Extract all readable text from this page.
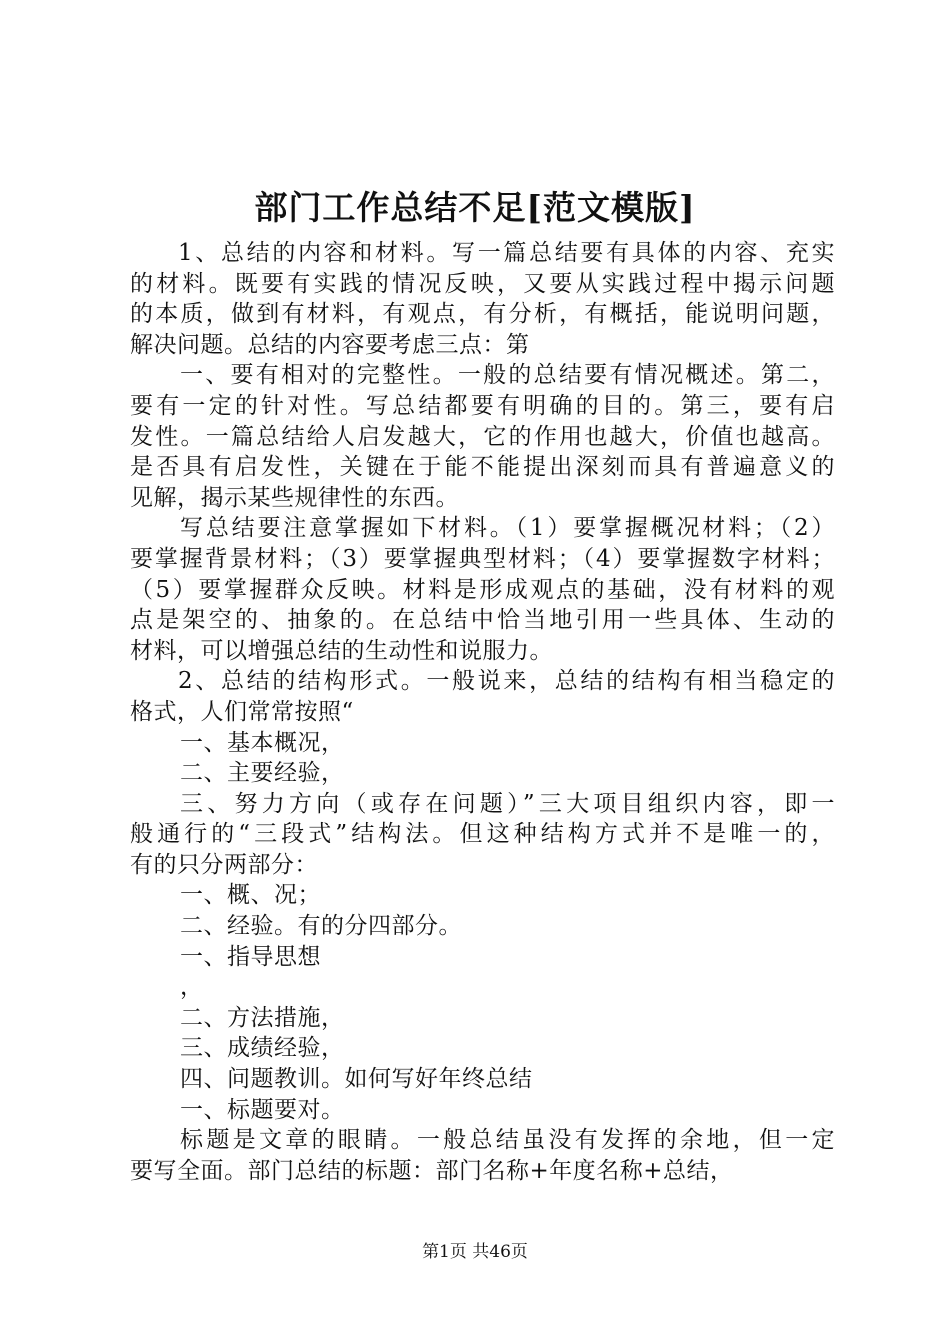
部门工作总结不足[范文模版]
1、总结的内容和材料。写一篇总结要有具体的内容、充实
的材料。既要有实践的情况反映，又要从实践过程中揭示问题
的本质，做到有材料，有观点，有分析，有概括，能说明问题，
解决问题。总结的内容要考虑三点：第
一、要有相对的完整性。一般的总结要有情况概述。第二，
要有一定的针对性。写总结都要有明确的目的。第三，要有启
发性。一篇总结给人启发越大，它的作用也越大，价值也越高。
是否具有启发性，关键在于能不能提出深刻而具有普遍意义的
见解，揭示某些规律性的东西。
写总结要注意掌握如下材料。（1）要掌握概况材料；（2）
要掌握背景材料；（3）要掌握典型材料；（4）要掌握数字材料；
（5）要掌握群众反映。材料是形成观点的基础，没有材料的观
点是架空的、抽象的。在总结中恰当地引用一些具体、生动的
材料，可以增强总结的生动性和说服力。
2、总结的结构形式。一般说来，总结的结构有相当稳定的
格式，人们常常按照“
一、基本概况，
二、主要经验，
三、努力方向（或存在问题）”三大项目组织内容，即一
般通行的“三段式”结构法。但这种结构方式并不是唯一的，
有的只分两部分：
一、概、况；
二、经验。有的分四部分。
一、指导思想
，
二、方法措施，
三、成绩经验，
四、问题教训。如何写好年终总结
一、标题要对。
标题是文章的眼睛。一般总结虽没有发挥的余地，但一定
要写全面。部门总结的标题：部门名称+年度名称+总结，
第1页 共46页
